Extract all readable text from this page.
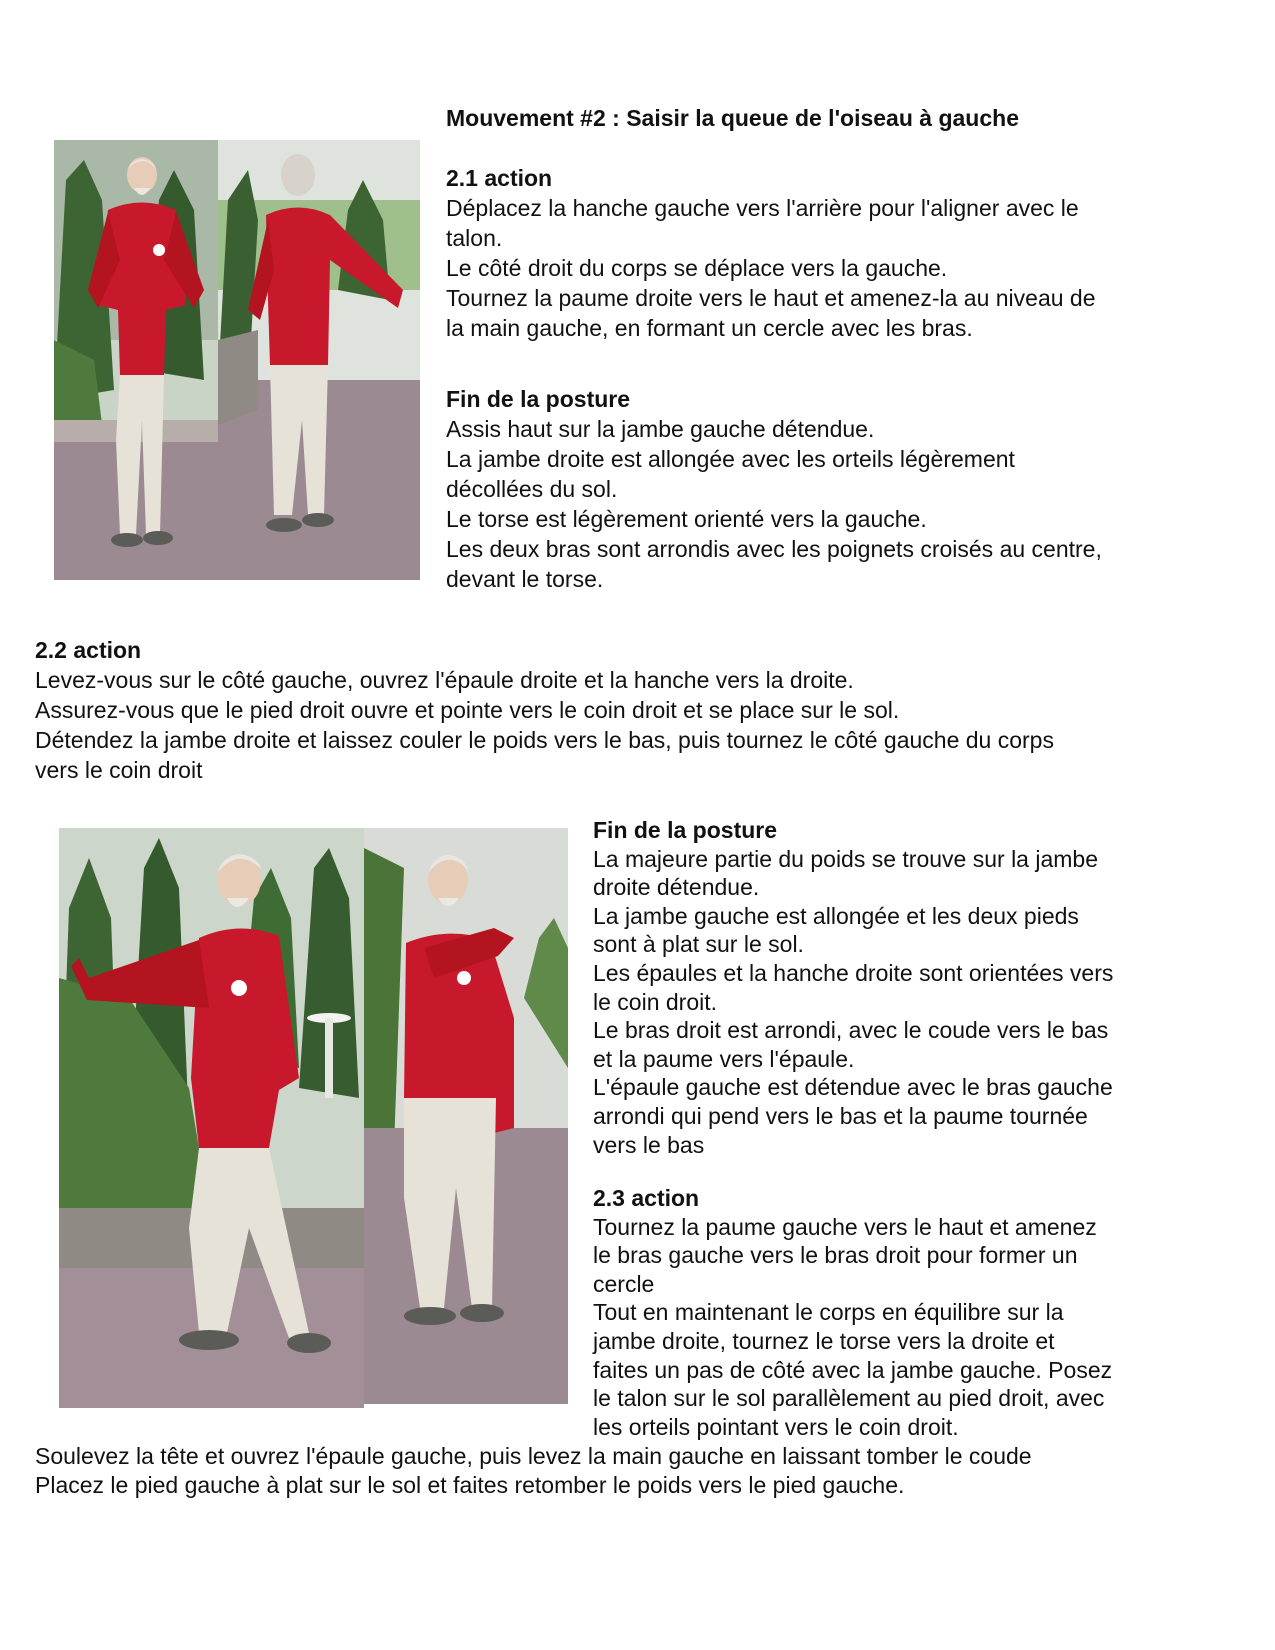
Mouvement #2 : Saisir la queue de l'oiseau à gauche

2.1 action

Déplacez la hanche gauche vers l'arrière pour l'aligner avec le

talon.

Le côté droit du corps se déplace vers la gauche.

Tournez la paume droite vers le haut et amenez-la au niveau de

la main gauche, en formant un cercle avec les bras.

Fin de la posture

Assis haut sur la jambe gauche détendue.

La jambe droite est allongée avec les orteils légèrement

décollées du sol.

Le torse est légèrement orienté vers la gauche.

Les deux bras sont arrondis avec les poignets croisés au centre,

devant le torse.

2.2 action

Levez-vous sur le côté gauche, ouvrez l'épaule droite et la hanche vers la droite.

Assurez-vous que le pied droit ouvre et pointe vers le coin droit et se place sur le sol.

Détendez la jambe droite et laissez couler le poids vers le bas, puis tournez le côté gauche du corps

vers le coin droit

Fin de la posture

La majeure partie du poids se trouve sur la jambe

droite détendue.

La jambe gauche est allongée et les deux pieds

sont à plat sur le sol.

Les épaules et la hanche droite sont orientées vers

le coin droit.

Le bras droit est arrondi, avec le coude vers le bas

et la paume vers l'épaule.

L'épaule gauche est détendue avec le bras gauche

arrondi qui pend vers le bas et la paume tournée

vers le bas

2.3 action

Tournez la paume gauche vers le haut et amenez

le bras gauche vers le bras droit pour former un

cercle

Tout en maintenant le corps en équilibre sur la

jambe droite, tournez le torse vers la droite et

faites un pas de côté avec la jambe gauche. Posez

le talon sur le sol parallèlement au pied droit, avec

les orteils pointant vers le coin droit.

Soulevez la tête et ouvrez l'épaule gauche, puis levez la main gauche en laissant tomber le coude

Placez le pied gauche à plat sur le sol et faites retomber le poids vers le pied gauche.
